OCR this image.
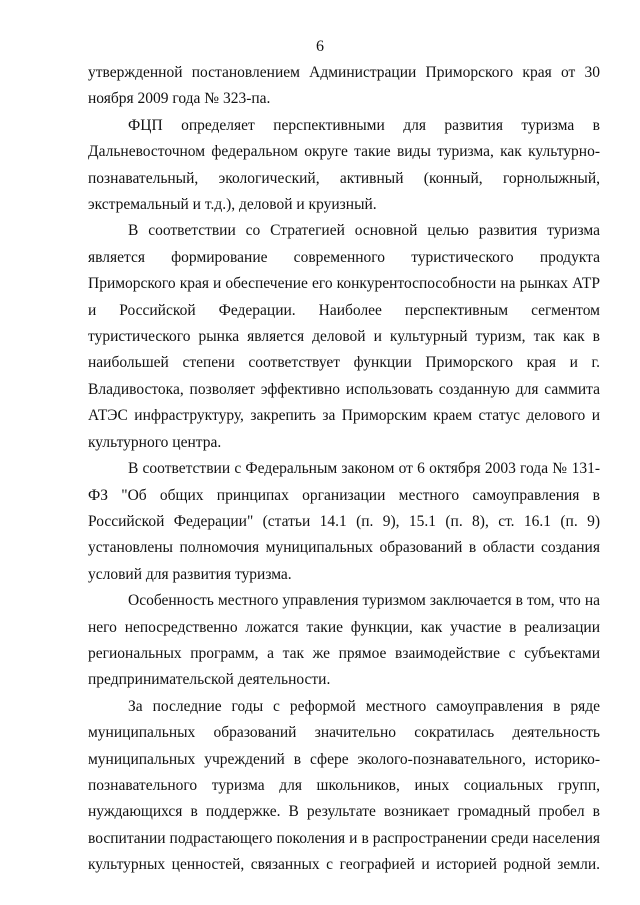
6

утвержденной постановлением Администрации Приморского края от 30 ноября 2009 года № 323-па.

ФЦП определяет перспективными для развития туризма в Дальневосточном федеральном округе такие виды туризма, как культурно-познавательный, экологический, активный (конный, горнолыжный, экстремальный и т.д.), деловой и круизный.

В соответствии со Стратегией основной целью развития туризма является формирование современного туристического продукта Приморского края и обеспечение его конкурентоспособности на рынках АТР и Российской Федерации. Наиболее перспективным сегментом туристического рынка является деловой и культурный туризм, так как в наибольшей степени соответствует функции Приморского края и г. Владивостока, позволяет эффективно использовать созданную для саммита АТЭС инфраструктуру, закрепить за Приморским краем статус делового и культурного центра.

В соответствии с Федеральным законом от 6 октября 2003 года № 131-ФЗ "Об общих принципах организации местного самоуправления в Российской Федерации" (статьи 14.1 (п. 9), 15.1 (п. 8), ст. 16.1 (п. 9) установлены полномочия муниципальных образований в области создания условий для развития туризма.

Особенность местного управления туризмом заключается в том, что на него непосредственно ложатся такие функции, как участие в реализации региональных программ, а так же прямое взаимодействие с субъектами предпринимательской деятельности.

За последние годы с реформой местного самоуправления в ряде муниципальных образований значительно сократилась деятельность муниципальных учреждений в сфере эколого-познавательного, историко-познавательного туризма для школьников, иных социальных групп, нуждающихся в поддержке. В результате возникает громадный пробел в воспитании подрастающего поколения и в распространении среди населения культурных ценностей, связанных с географией и историей родной земли.
